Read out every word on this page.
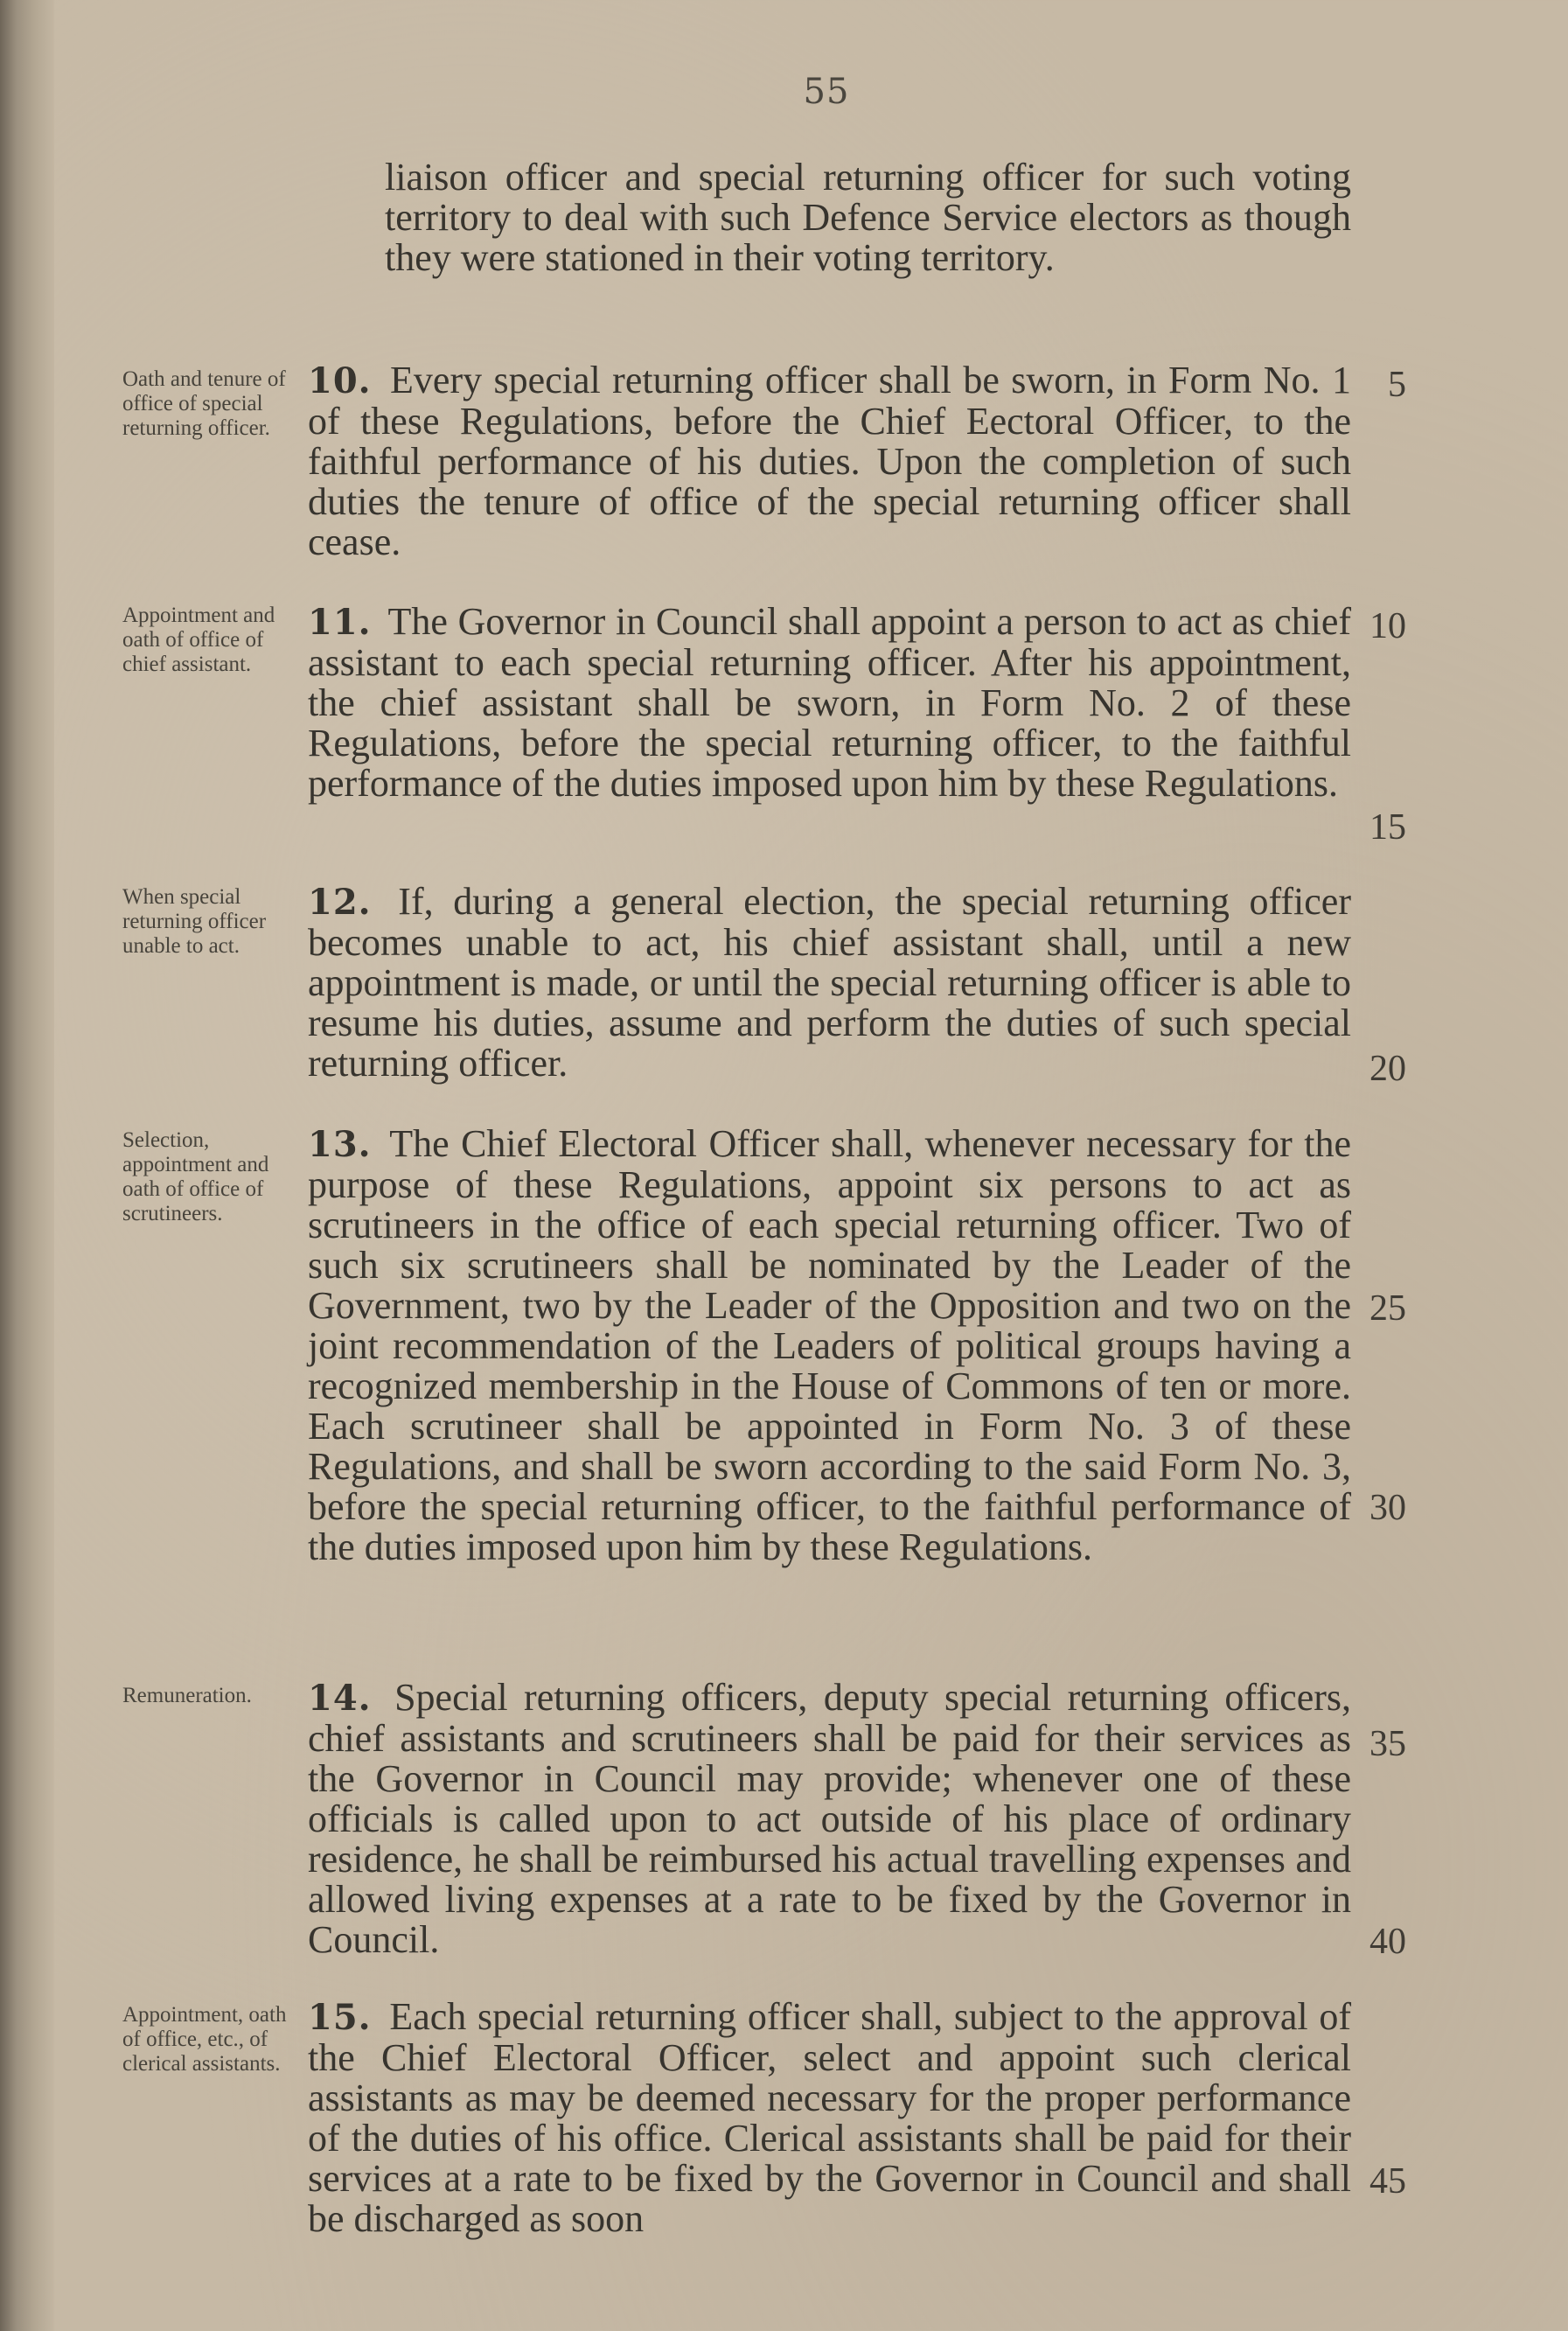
55
liaison officer and special returning officer for such voting territory to deal with such Defence Service electors as though they were stationed in their voting territory.
Oath and tenure of office of special returning officer.
10. Every special returning officer shall be sworn, in Form No. 1 of these Regulations, before the Chief Eectoral Officer, to the faithful performance of his duties. Upon the completion of such duties the tenure of office of the special returning officer shall cease.
Appointment and oath of office of chief assistant.
11. The Governor in Council shall appoint a person to act as chief assistant to each special returning officer. After his appointment, the chief assistant shall be sworn, in Form No. 2 of these Regulations, before the special returning officer, to the faithful performance of the duties imposed upon him by these Regulations.
When special returning officer unable to act.
12. If, during a general election, the special returning officer becomes unable to act, his chief assistant shall, until a new appointment is made, or until the special returning officer is able to resume his duties, assume and perform the duties of such special returning officer.
Selection, appointment and oath of office of scrutineers.
13. The Chief Electoral Officer shall, whenever necessary for the purpose of these Regulations, appoint six persons to act as scrutineers in the office of each special returning officer. Two of such six scrutineers shall be nominated by the Leader of the Government, two by the Leader of the Opposition and two on the joint recommendation of the Leaders of political groups having a recognized membership in the House of Commons of ten or more. Each scrutineer shall be appointed in Form No. 3 of these Regulations, and shall be sworn according to the said Form No. 3, before the special returning officer, to the faithful performance of the duties imposed upon him by these Regulations.
Remuneration.	14. Special returning officers, deputy special returning officers, chief assistants and scrutineers shall be paid for their services as the Governor in Council may provide; whenever one of these officials is called upon to act outside of his place of ordinary residence, he shall be reimbursed his actual travelling expenses and allowed living expenses at a rate to be fixed by the Governor in Council.
Appointment, oath of office, etc., of clerical assistants.
15. Each special returning officer shall, subject to the approval of the Chief Electoral Officer, select and appoint such clerical assistants as may be deemed necessary for the proper performance of the duties of his office. Clerical assistants shall be paid for their services at a rate to be fixed by the Governor in Council and shall be discharged as soon
5
10
15
20
25
30
35
40
45
